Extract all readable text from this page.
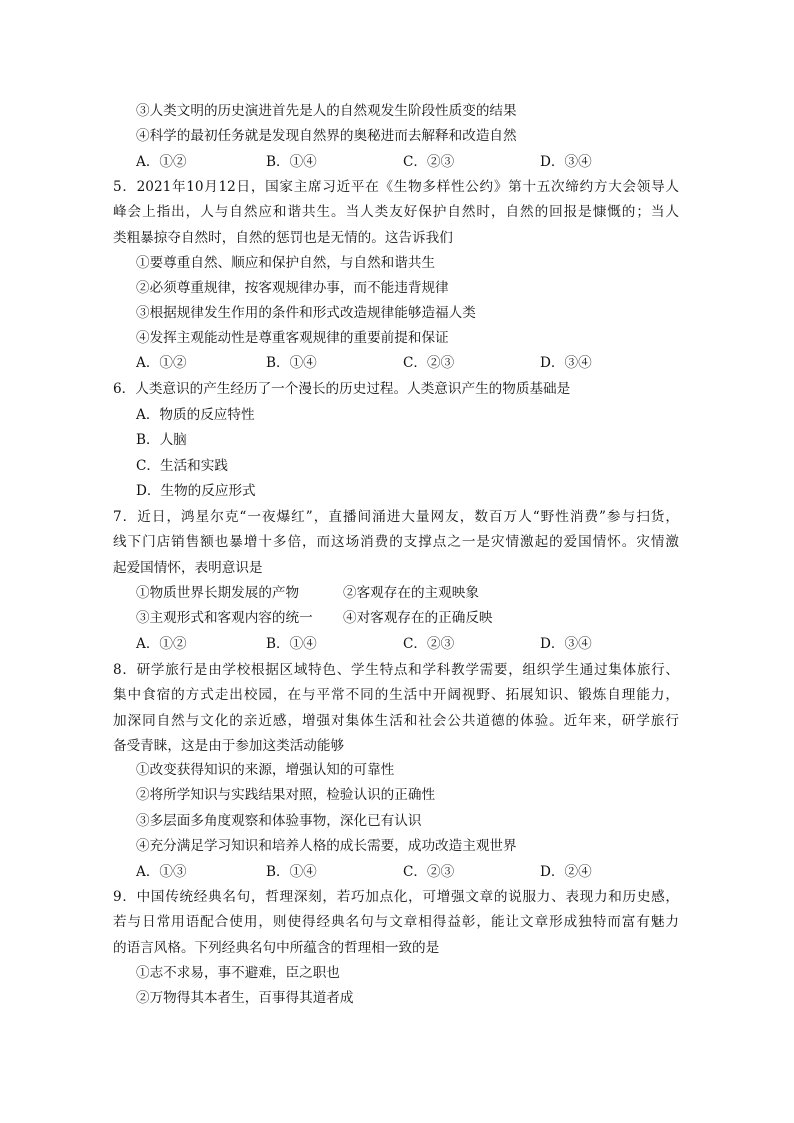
③人类文明的历史演进首先是人的自然观发生阶段性质变的结果
④科学的最初任务就是发现自然界的奥秘进而去解释和改造自然
A．①②	B．①④	C．②③	D．③④
5．2021年10月12日，国家主席习近平在《生物多样性公约》第十五次缔约方大会领导人
峰会上指出，人与自然应和谐共生。当人类友好保护自然时，自然的回报是慷慨的；当人
类粗暴掠夺自然时，自然的惩罚也是无情的。这告诉我们
①要尊重自然、顺应和保护自然，与自然和谐共生
②必须尊重规律，按客观规律办事，而不能违背规律
③根据规律发生作用的条件和形式改造规律能够造福人类
④发挥主观能动性是尊重客观规律的重要前提和保证
A．①②	B．①④	C．②③	D．③④
6．人类意识的产生经历了一个漫长的历史过程。人类意识产生的物质基础是
A．物质的反应特性
B．人脑
C．生活和实践
D．生物的反应形式
7．近日，鸿星尔克“一夜爆红”，直播间涌进大量网友，数百万人“野性消费”参与扫货，
线下门店销售额也暴增十多倍，而这场消费的支撑点之一是灾情激起的爱国情怀。灾情激
起爱国情怀，表明意识是
①物质世界长期发展的产物	②客观存在的主观映象
③主观形式和客观内容的统一 ④对客观存在的正确反映
A．①②	B．①④	C．②③	D．③④
8．研学旅行是由学校根据区域特色、学生特点和学科教学需要，组织学生通过集体旅行、
集中食宿的方式走出校园，在与平常不同的生活中开阔视野、拓展知识、锻炼自理能力，
加深同自然与文化的亲近感，增强对集体生活和社会公共道德的体验。近年来，研学旅行
备受青睐，这是由于参加这类活动能够
①改变获得知识的来源，增强认知的可靠性
②将所学知识与实践结果对照，检验认识的正确性
③多层面多角度观察和体验事物，深化已有认识
④充分满足学习知识和培养人格的成长需要，成功改造主观世界
A．①③	B．①④	C．②③	D．②④
9．中国传统经典名句，哲理深刻，若巧加点化，可增强文章的说服力、表现力和历史感，
若与日常用语配合使用，则使得经典名句与文章相得益彰，能让文章形成独特而富有魅力
的语言风格。下列经典名句中所蕴含的哲理相一致的是
①志不求易，事不避难，臣之职也
②万物得其本者生，百事得其道者成
